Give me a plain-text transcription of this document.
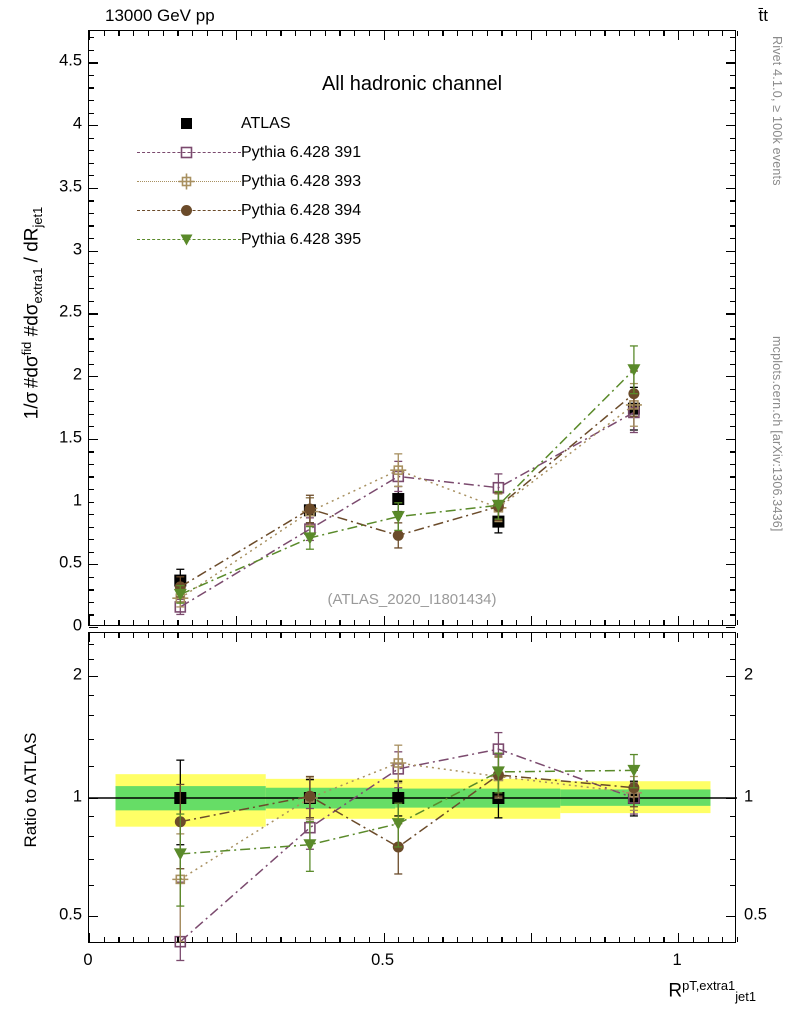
13000 GeV pp	t̄t
Rivet 4.1.0, ≥ 100k events
mcplots.cern.ch [arXiv:1306.3436]
1/σ $\#d\sigma^{fid}$ $\#d\sigma_{extra1} / dR_{jet1}$
Ratio to ATLAS
$R^{pT,extra1}_{jet1}$
All hadronic channel
(ATLAS_2020_I1801434)
ATLAS
Pythia 6.428 391
Pythia 6.428 393
Pythia 6.428 394
Pythia 6.428 395
0
0.5
1
1.5
2
2.5
3
3.5
4
4.5
0.5	0.5
1	1
2	2
0	0.5	1
